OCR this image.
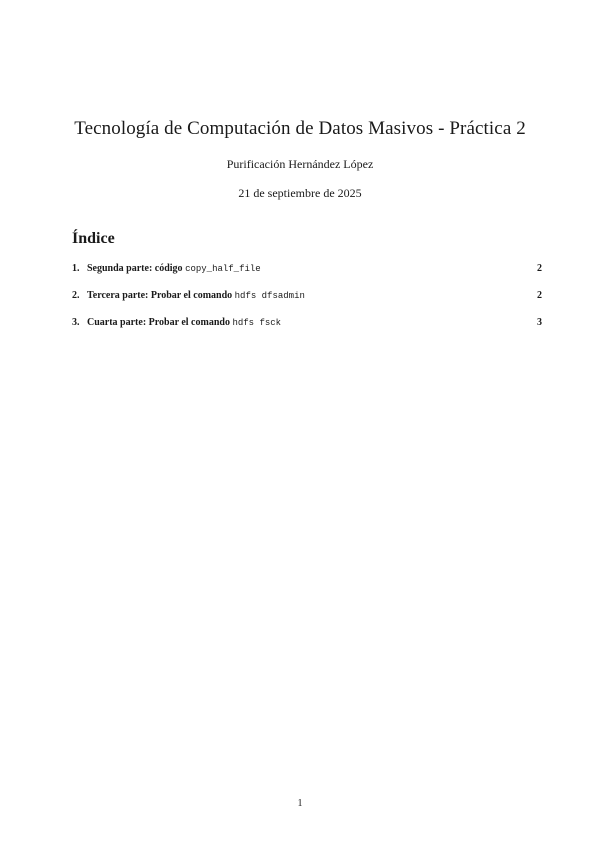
Tecnología de Computación de Datos Masivos - Práctica 2
Purificación Hernández López
21 de septiembre de 2025
Índice
1. Segunda parte: código copy_half_file	2
2. Tercera parte: Probar el comando hdfs dfsadmin	2
3. Cuarta parte: Probar el comando hdfs fsck	3
1
